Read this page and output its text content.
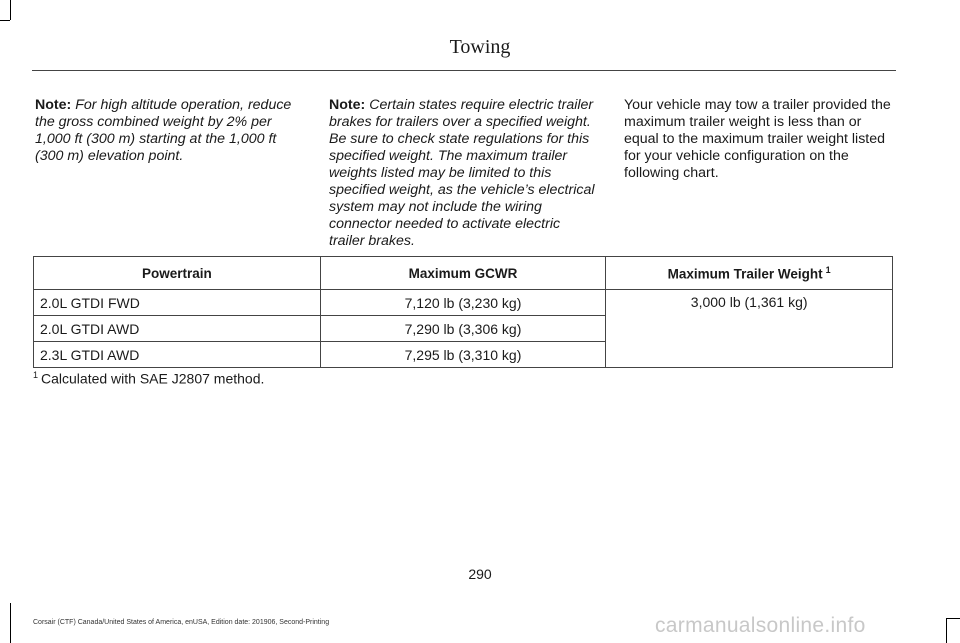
Towing
Note: For high altitude operation, reduce the gross combined weight by 2% per 1,000 ft (300 m) starting at the 1,000 ft (300 m) elevation point.
Note: Certain states require electric trailer brakes for trailers over a specified weight. Be sure to check state regulations for this specified weight. The maximum trailer weights listed may be limited to this specified weight, as the vehicle’s electrical system may not include the wiring connector needed to activate electric trailer brakes.
Your vehicle may tow a trailer provided the maximum trailer weight is less than or equal to the maximum trailer weight listed for your vehicle configuration on the following chart.
Powertrain	Maximum GCWR	Maximum Trailer Weight $^1$
2.0L GTDI FWD	7,120 lb (3,230 kg)	3,000 lb (1,361 kg)
2.0L GTDI AWD	7,290 lb (3,306 kg)	
2.3L GTDI AWD	7,295 lb (3,310 kg)	
$^1$ Calculated with SAE J2807 method.
290
Corsair (CTF) Canada/United States of America, enUSA, Edition date: 201906, Second-Printing	carmanualsonline.info
